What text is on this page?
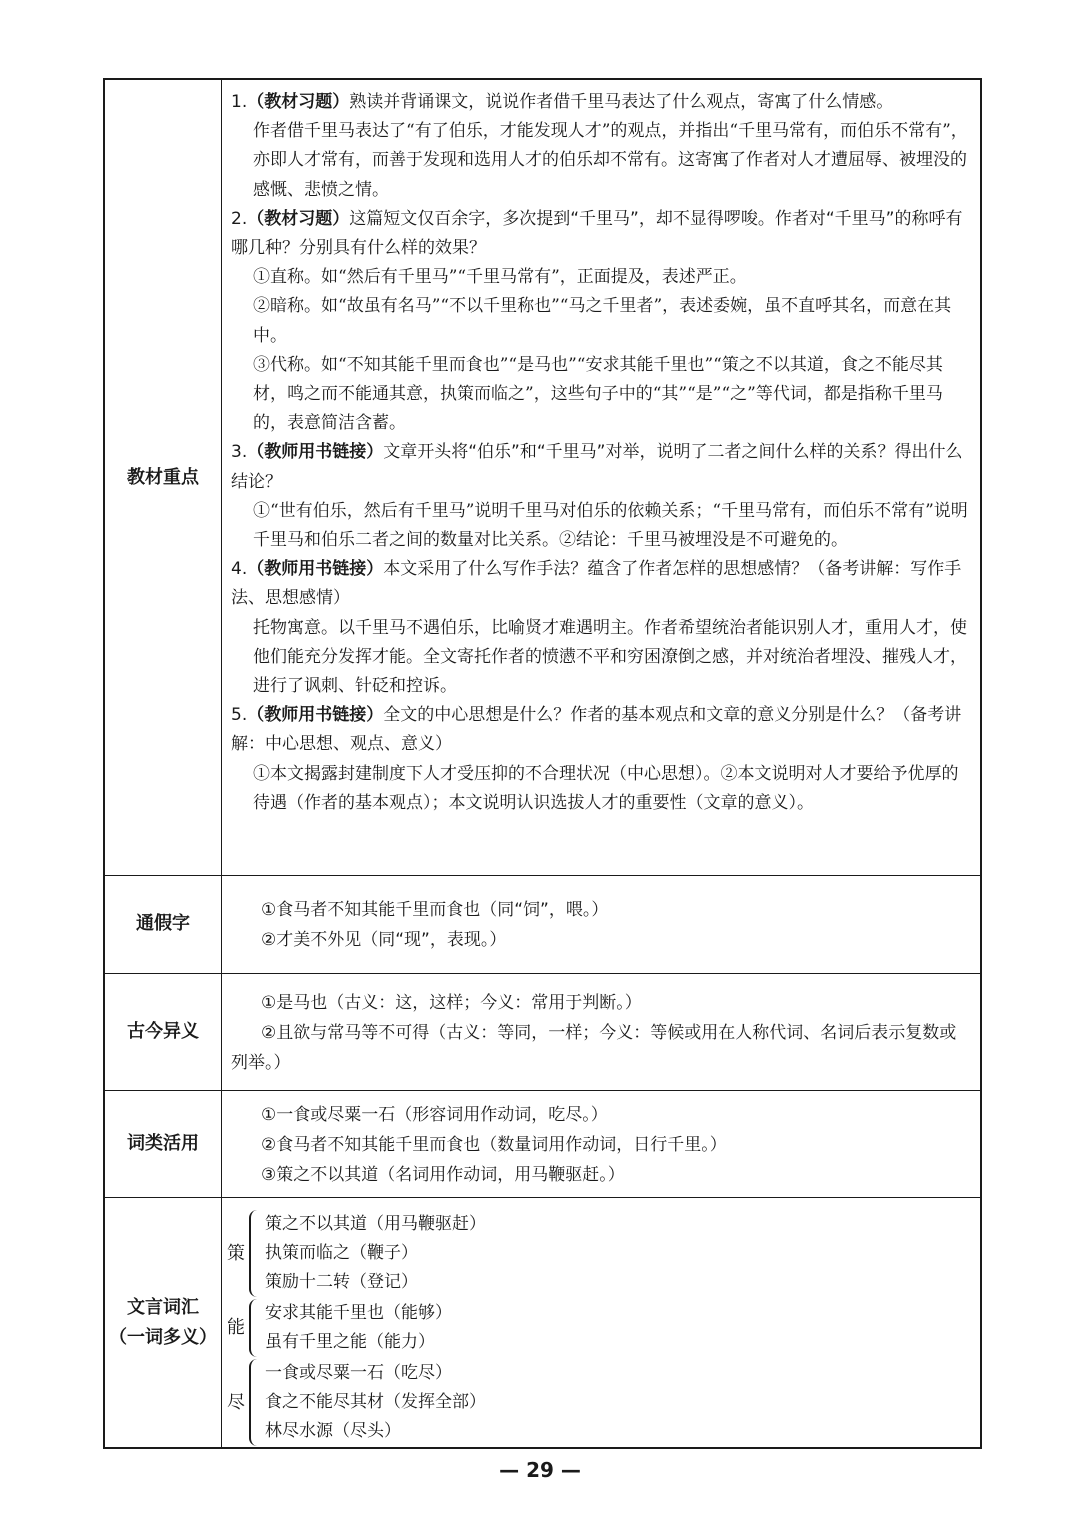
教材重点

1.（教材习题）熟读并背诵课文，说说作者借千里马表达了什么观点，寄寓了什么情感。

作者借千里马表达了“有了伯乐，才能发现人才”的观点，并指出“千里马常有，而伯乐不常有”，亦即人才常有，而善于发现和选用人才的伯乐却不常有。这寄寓了作者对人才遭屈辱、被埋没的感慨、悲愤之情。

2.（教材习题）这篇短文仅百余字，多次提到“千里马”，却不显得啰唆。作者对“千里马”的称呼有哪几种？分别具有什么样的效果？

①直称。如“然后有千里马”“千里马常有”，正面提及，表述严正。

②暗称。如“故虽有名马”“不以千里称也”“马之千里者”，表述委婉，虽不直呼其名，而意在其中。

③代称。如“不知其能千里而食也”“是马也”“安求其能千里也”“策之不以其道，食之不能尽其材，鸣之而不能通其意，执策而临之”，这些句子中的“其”“是”“之”等代词，都是指称千里马的，表意简洁含蓄。

3.（教师用书链接）文章开头将“伯乐”和“千里马”对举，说明了二者之间什么样的关系？得出什么结论？

①“世有伯乐，然后有千里马”说明千里马对伯乐的依赖关系；“千里马常有，而伯乐不常有”说明千里马和伯乐二者之间的数量对比关系。②结论：千里马被埋没是不可避免的。

4.（教师用书链接）本文采用了什么写作手法？蕴含了作者怎样的思想感情？（备考讲解：写作手法、思想感情）

托物寓意。以千里马不遇伯乐，比喻贤才难遇明主。作者希望统治者能识别人才，重用人才，使他们能充分发挥才能。全文寄托作者的愤懑不平和穷困潦倒之感，并对统治者埋没、摧残人才，进行了讽刺、针砭和控诉。

5.（教师用书链接）全文的中心思想是什么？作者的基本观点和文章的意义分别是什么？（备考讲解：中心思想、观点、意义）

①本文揭露封建制度下人才受压抑的不合理状况（中心思想）。②本文说明对人才要给予优厚的待遇（作者的基本观点）；本文说明认识选拔人才的重要性（文章的意义）。

通假字

①食马者不知其能千里而食也（同“饲”，喂。）

②才美不外见（同“现”，表现。）

古今异义

①是马也（古义：这，这样；今义：常用于判断。）

②且欲与常马等不可得（古义：等同，一样；今义：等候或用在人称代词、名词后表示复数或列举。）

词类活用

①一食或尽粟一石（形容词用作动词，吃尽。）

②食马者不知其能千里而食也（数量词用作动词，日行千里。）

③策之不以其道（名词用作动词，用马鞭驱赶。）

文言词汇
（一词多义）
策
策之不以其道（用马鞭驱赶）
执策而临之（鞭子）
策励十二转（登记）
能
安求其能千里也（能够）
虽有千里之能（能力）
尽
一食或尽粟一石（吃尽）
食之不能尽其材（发挥全部）
林尽水源（尽头）
— 29 —
